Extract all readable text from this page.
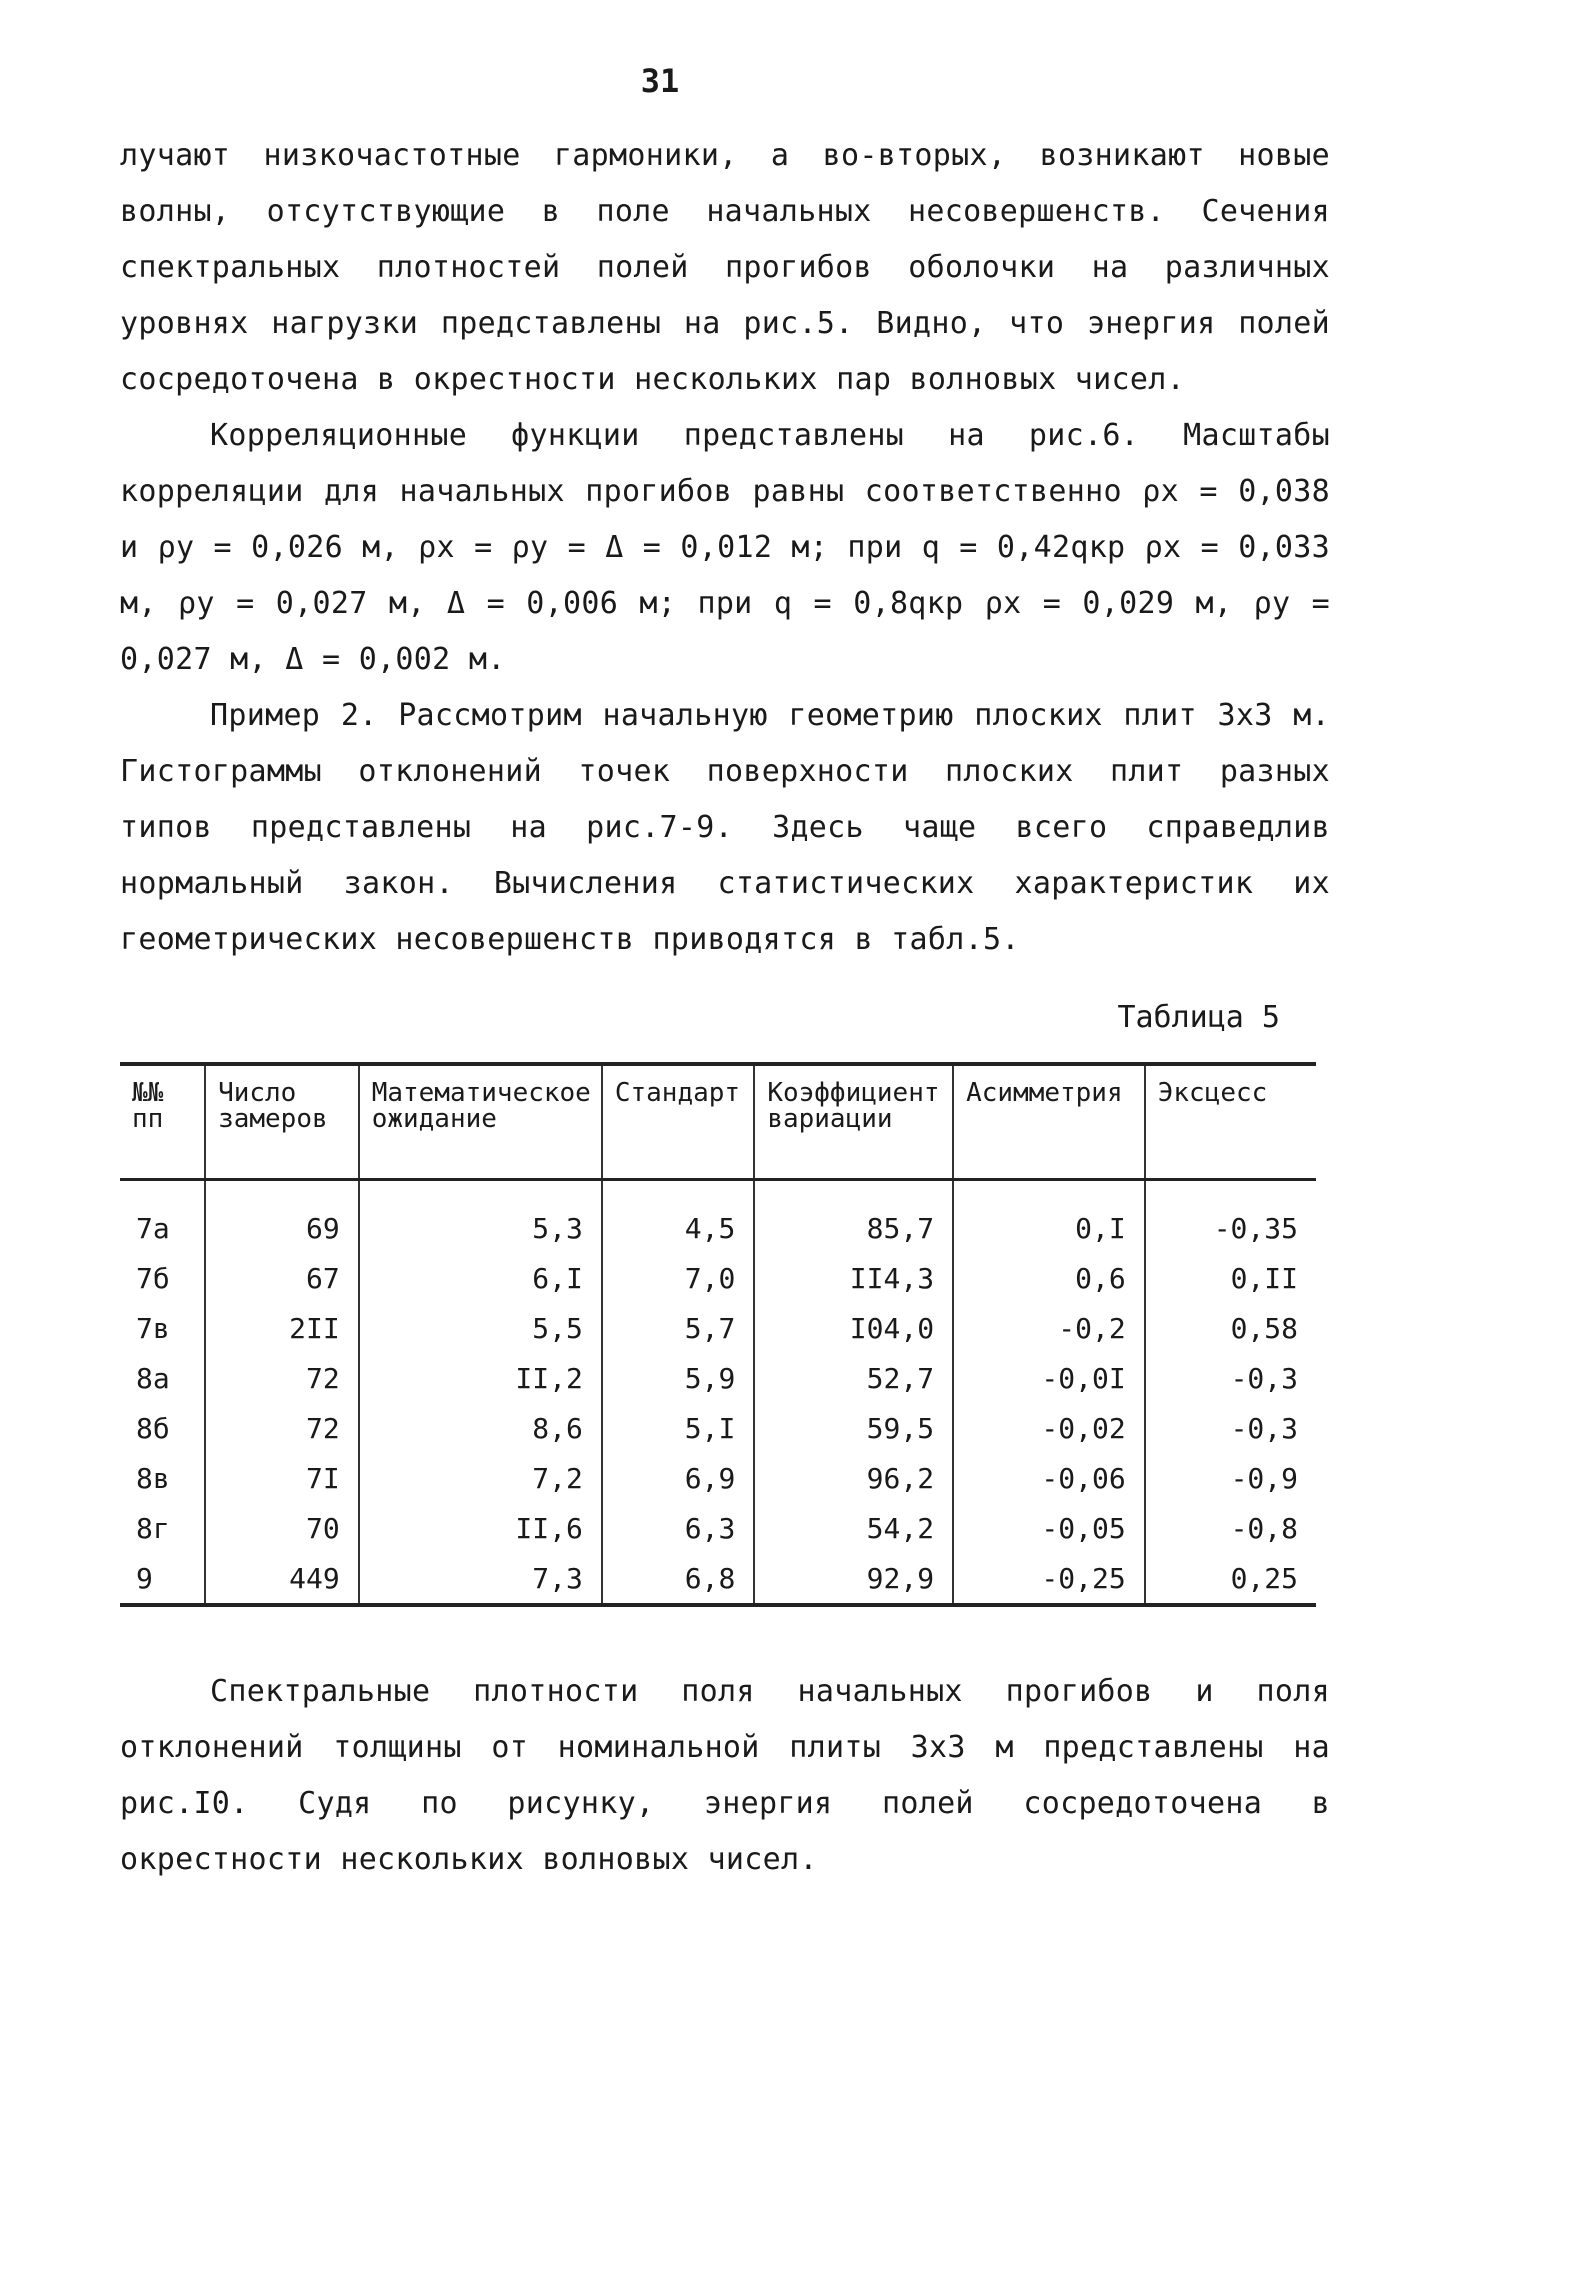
31

лучают низкочастотные гармоники, а во-вторых, возникают новые волны, отсутствующие в поле начальных несовершенств. Сечения спектральных плотностей полей прогибов оболочки на различных уровнях нагрузки представлены на рис.5. Видно, что энергия полей сосредоточена в окрестности нескольких пар волновых чисел.

Корреляционные функции представлены на рис.6. Масштабы корреляции для начальных прогибов равны соответственно ρx = 0,038 и ρy = 0,026 м, ρx = ρy = Δ = 0,012 м; при q = 0,42qкр ρx = 0,033 м, ρy = 0,027 м, Δ = 0,006 м; при q = 0,8qкр ρx = 0,029 м, ρy = 0,027 м, Δ = 0,002 м.

Пример 2. Рассмотрим начальную геометрию плоских плит 3х3 м. Гистограммы отклонений точек поверхности плоских плит разных типов представлены на рис.7-9. Здесь чаще всего справедлив нормальный закон. Вычисления статистических характеристик их геометрических несовершенств приводятся в табл.5.

Таблица 5
№№ пп	Число замеров	Математическое ожидание	Стандарт	Коэффициент вариации	Асимметрия	Эксцесс
7а	69	5,3	4,5	85,7	0,I	-0,35
7б	67	6,I	7,0	II4,3	0,6	0,II
7в	2II	5,5	5,7	I04,0	-0,2	0,58
8а	72	II,2	5,9	52,7	-0,0I	-0,3
8б	72	8,6	5,I	59,5	-0,02	-0,3
8в	7I	7,2	6,9	96,2	-0,06	-0,9
8г	70	II,6	6,3	54,2	-0,05	-0,8
9	449	7,3	6,8	92,9	-0,25	0,25
Спектральные плотности поля начальных прогибов и поля отклонений толщины от номинальной плиты 3х3 м представлены на рис.I0. Судя по рисунку, энергия полей сосредоточена в окрестности нескольких волновых чисел.
